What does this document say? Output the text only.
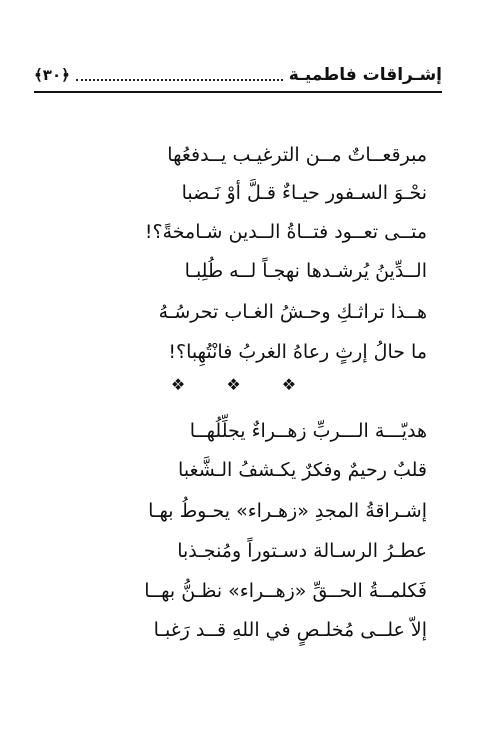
إشـراقات فاطميـة
﴿٣٠﴾
مبرقعــاتٌ مــن الترغيـب يــدفعُها
نحْـوَ السـفور حيـاءٌ قـلَّ أوْ نَـضبا
متــى تعــود فتــاةُ الــدين شـامخةً؟!
الــدِّينُ يُرشـدها نهجـاً لــه طُلِبـا
هــذا تراثـكِ وحـشُ الغـاب تحرسُـهُ
ما حالُ إرثٍ رعاهُ الغربُ فانْتُهِبا؟!
❖ ❖ ❖
هديّـــة الـــربِّ زهــراءٌ يجلِّلُهــا
قلبٌ رحيمٌ وفكرٌ يكـشفُ الـشَّغبا
إشـراقةُ المجدِ «زهـراء» يحـوطُ بهـا
عطـرُ الرسـالة دسـتوراً ومُنجـذبا
فَكلمــةُ الحــقِّ «زهــراء» نظـنُّ بهــا
إلاّ علــى مُخلـصٍ في اللهِ قــد رَغبـا
